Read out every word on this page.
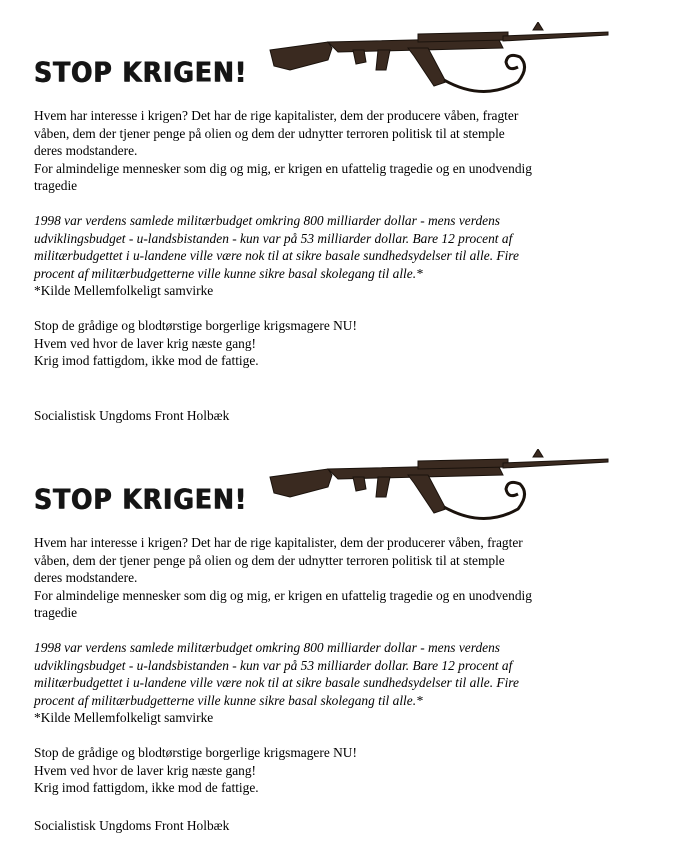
STOP KRIGEN!

Hvem har interesse i krigen? Det har de rige kapitalister, dem der producere våben, fragter

våben, dem der tjener penge på olien og dem der udnytter terroren politisk til at stemple

deres modstandere.

For almindelige mennesker som dig og mig, er krigen en ufattelig tragedie og en unodvendig

tragedie

1998 var verdens samlede militærbudget omkring 800 milliarder dollar - mens verdens

udviklingsbudget - u-landsbistanden - kun var på 53 milliarder dollar. Bare 12 procent af

militærbudgettet i u-landene ville være nok til at sikre basale sundhedsydelser til alle. Fire

procent af militærbudgetterne ville kunne sikre basal skolegang til alle.*

*Kilde Mellemfolkeligt samvirke

Stop de grådige og blodtørstige borgerlige krigsmagere NU!

Hvem ved hvor de laver krig næste gang!

Krig imod fattigdom, ikke mod de fattige.

Socialistisk Ungdoms Front Holbæk
STOP KRIGEN!

Hvem har interesse i krigen? Det har de rige kapitalister, dem der producerer våben, fragter

våben, dem der tjener penge på olien og dem der udnytter terroren politisk til at stemple

deres modstandere.

For almindelige mennesker som dig og mig, er krigen en ufattelig tragedie og en unodvendig

tragedie

1998 var verdens samlede militærbudget omkring 800 milliarder dollar - mens verdens

udviklingsbudget - u-landsbistanden - kun var på 53 milliarder dollar. Bare 12 procent af

militærbudgettet i u-landene ville være nok til at sikre basale sundhedsydelser til alle. Fire

procent af militærbudgetterne ville kunne sikre basal skolegang til alle.*

*Kilde Mellemfolkeligt samvirke

Stop de grådige og blodtørstige borgerlige krigsmagere NU!

Hvem ved hvor de laver krig næste gang!

Krig imod fattigdom, ikke mod de fattige.

Socialistisk Ungdoms Front Holbæk
